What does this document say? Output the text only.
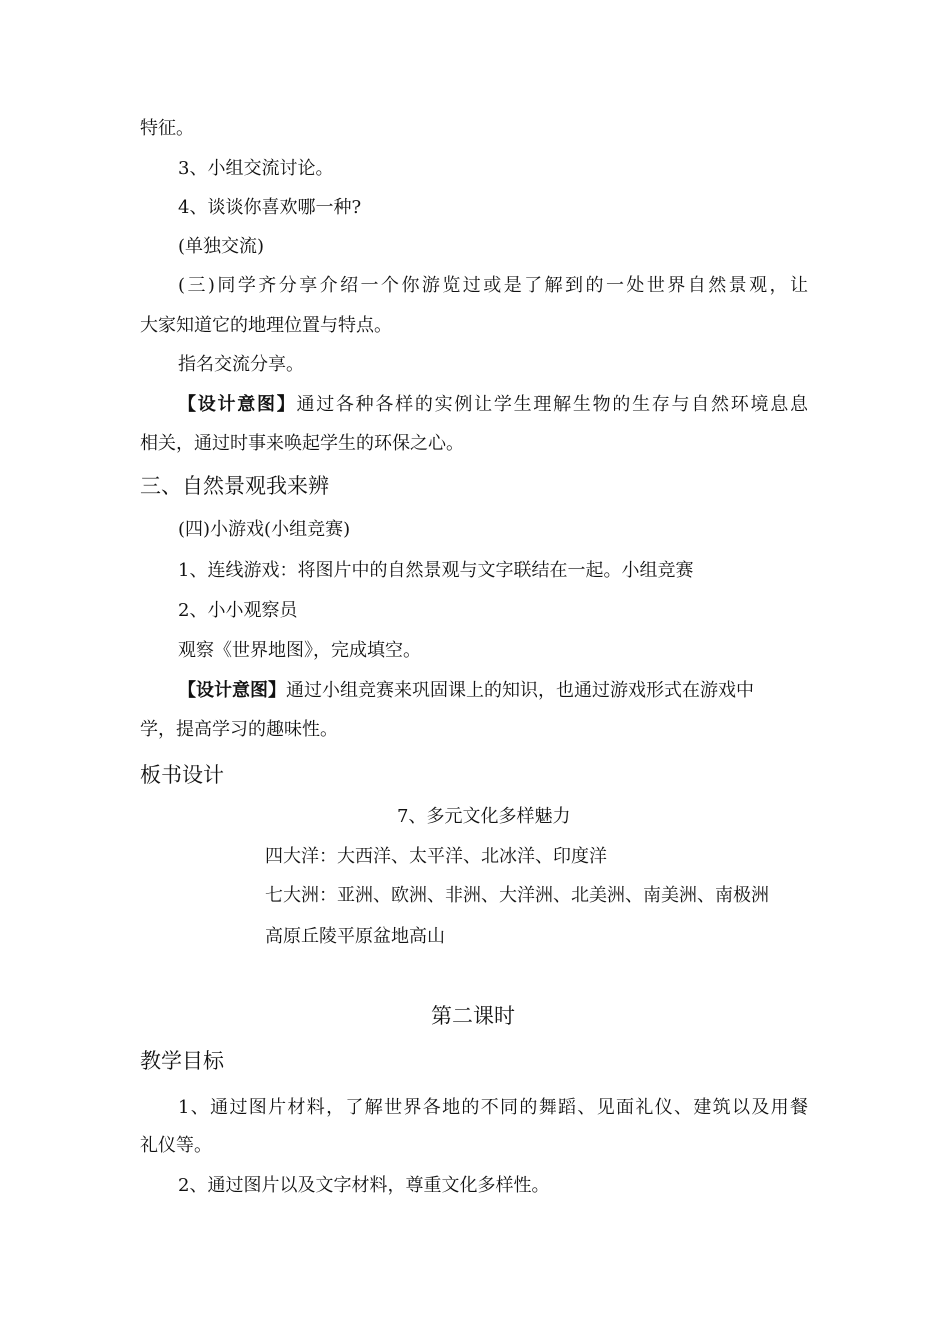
特征。
3、小组交流讨论。
4、谈谈你喜欢哪一种?
(单独交流)
(三)同学齐分享介绍一个你游览过或是了解到的一处世界自然景观，让
大家知道它的地理位置与特点。
指名交流分享。
【设计意图】通过各种各样的实例让学生理解生物的生存与自然环境息息
相关，通过时事来唤起学生的环保之心。
三、自然景观我来辨
(四)小游戏(小组竞赛)
1、连线游戏：将图片中的自然景观与文字联结在一起。小组竞赛
2、小小观察员
观察《世界地图》，完成填空。
【设计意图】通过小组竞赛来巩固课上的知识，也通过游戏形式在游戏中
学，提高学习的趣味性。
板书设计
7、多元文化多样魅力
四大洋：大西洋、太平洋、北冰洋、印度洋
七大洲：亚洲、欧洲、非洲、大洋洲、北美洲、南美洲、南极洲
高原丘陵平原盆地高山
第二课时
教学目标
1、通过图片材料，了解世界各地的不同的舞蹈、见面礼仪、建筑以及用餐
礼仪等。
2、通过图片以及文字材料，尊重文化多样性。
